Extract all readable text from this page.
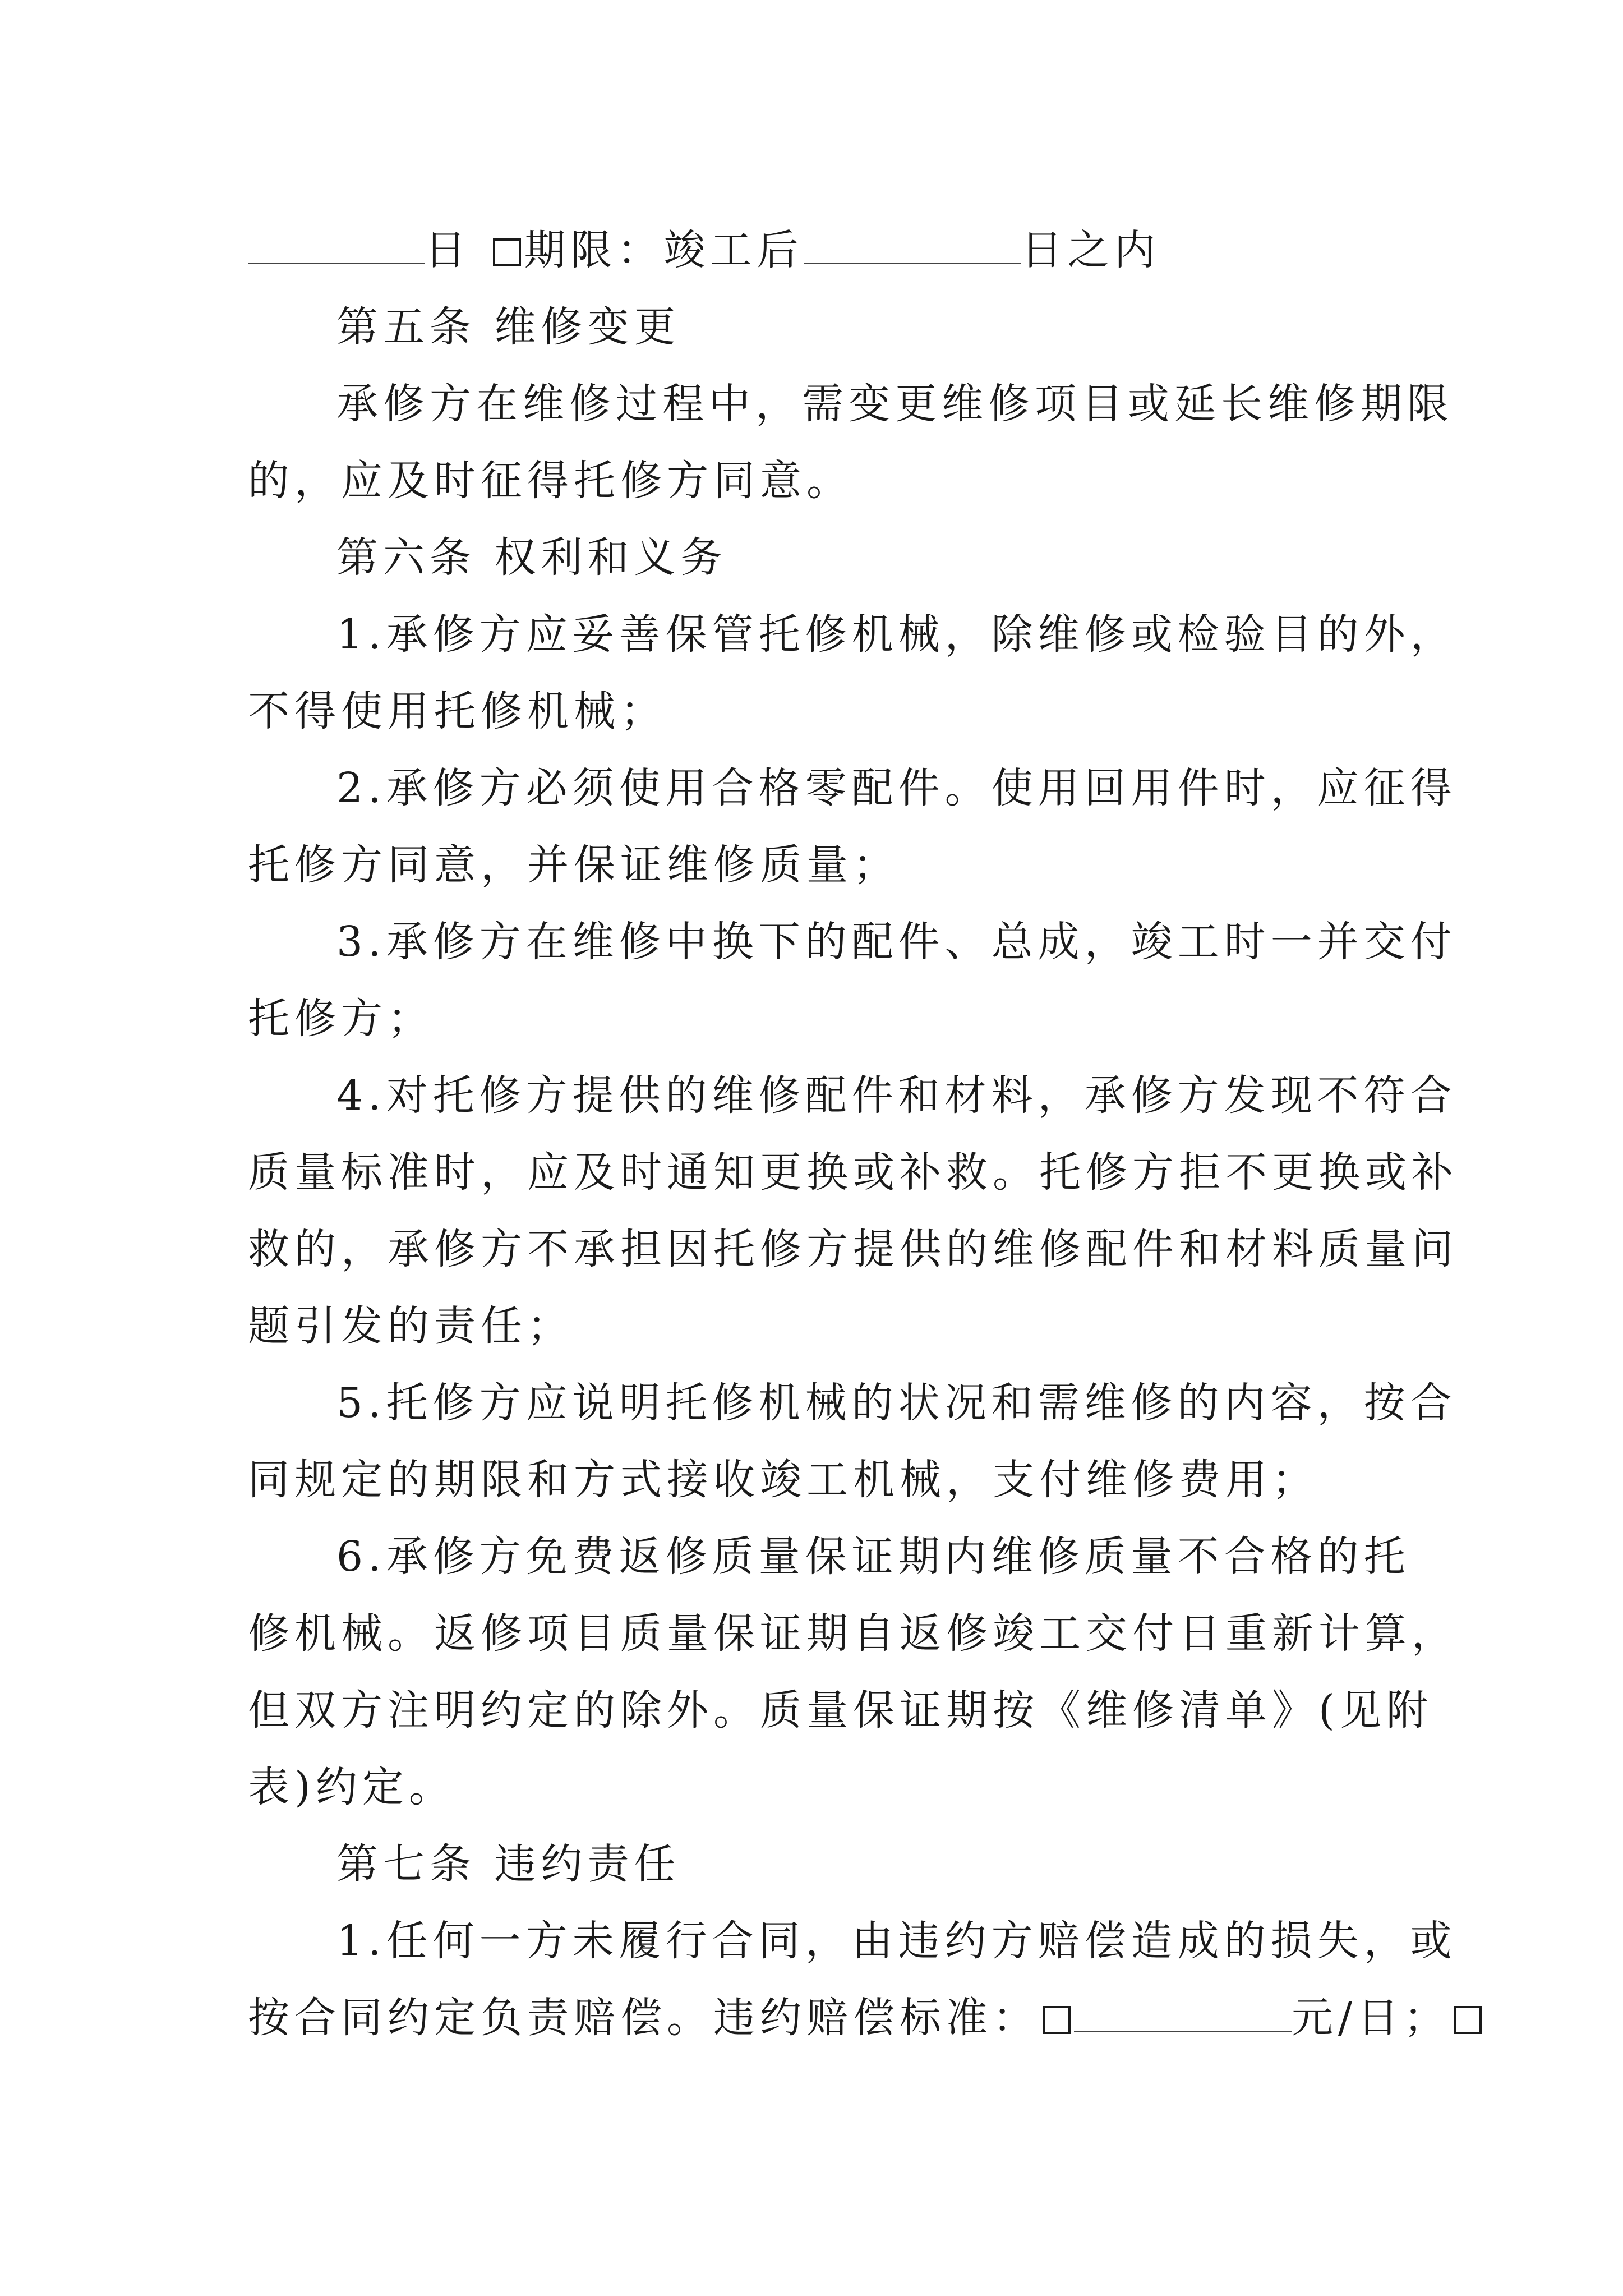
日 期限：竣工后	日之内
第五条 维修变更
承修方在维修过程中，需变更维修项目或延长维修期限
的，应及时征得托修方同意。
第六条 权利和义务
1.承修方应妥善保管托修机械，除维修或检验目的外，
不得使用托修机械；
2.承修方必须使用合格零配件。使用回用件时，应征得
托修方同意，并保证维修质量；
3.承修方在维修中换下的配件、总成，竣工时一并交付
托修方；
4.对托修方提供的维修配件和材料，承修方发现不符合
质量标准时，应及时通知更换或补救。托修方拒不更换或补
救的，承修方不承担因托修方提供的维修配件和材料质量问
题引发的责任；
5.托修方应说明托修机械的状况和需维修的内容，按合
同规定的期限和方式接收竣工机械，支付维修费用；
6.承修方免费返修质量保证期内维修质量不合格的托
修机械。返修项目质量保证期自返修竣工交付日重新计算，
但双方注明约定的除外。质量保证期按《维修清单》(见附
表)约定。
第七条 违约责任
1.任何一方未履行合同，由违约方赔偿造成的损失，或
按合同约定负责赔偿。违约赔偿标准：	元/日；
